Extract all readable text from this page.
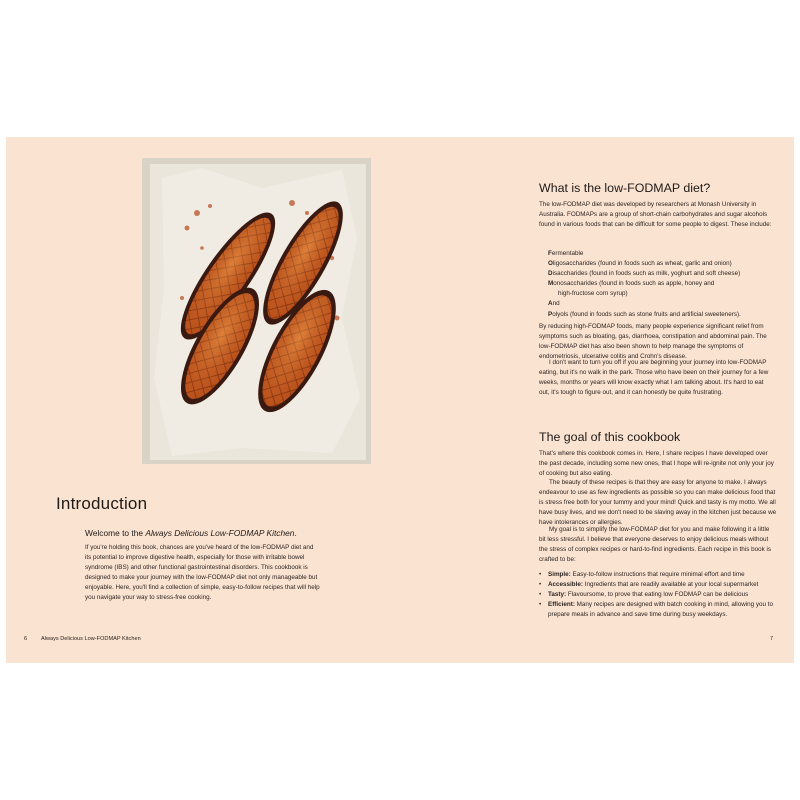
Introduction

Welcome to the Always Delicious Low-FODMAP Kitchen.

If you're holding this book, chances are you've heard of the low-FODMAP diet and its potential to improve digestive health, especially for those with irritable bowel syndrome (IBS) and other functional gastrointestinal disorders. This cookbook is designed to make your journey with the low-FODMAP diet not only manageable but enjoyable. Here, you'll find a collection of simple, easy-to-follow recipes that will help you navigate your way to stress-free cooking.

What is the low-FODMAP diet?

The low-FODMAP diet was developed by researchers at Monash University in Australia. FODMAPs are a group of short-chain carbohydrates and sugar alcohols found in various foods that can be difficult for some people to digest. These include:

Fermentable
Oligosaccharides (found in foods such as wheat, garlic and onion)
Disaccharides (found in foods such as milk, yoghurt and soft cheese)
Monosaccharides (found in foods such as apple, honey and
high-fructose corn syrup)
And
Polyols (found in foods such as stone fruits and artificial sweeteners).

By reducing high-FODMAP foods, many people experience significant relief from symptoms such as bloating, gas, diarrhoea, constipation and abdominal pain. The low-FODMAP diet has also been shown to help manage the symptoms of endometriosis, ulcerative colitis and Crohn's disease.

I don't want to turn you off if you are beginning your journey into low-FODMAP eating, but it's no walk in the park. Those who have been on their journey for a few weeks, months or years will know exactly what I am talking about. It's hard to eat out, it's tough to figure out, and it can honestly be quite frustrating.

The goal of this cookbook

That's where this cookbook comes in. Here, I share recipes I have developed over the past decade, including some new ones, that I hope will re-ignite not only your joy of cooking but also eating.

The beauty of these recipes is that they are easy for anyone to make. I always endeavour to use as few ingredients as possible so you can make delicious food that is stress free both for your tummy and your mind! Quick and tasty is my motto. We all have busy lives, and we don't need to be slaving away in the kitchen just because we have intolerances or allergies.

My goal is to simplify the low-FODMAP diet for you and make following it a little bit less stressful. I believe that everyone deserves to enjoy delicious meals without the stress of complex recipes or hard-to-find ingredients. Each recipe in this book is crafted to be:

• Simple: Easy-to-follow instructions that require minimal effort and time
• Accessible: Ingredients that are readily available at your local supermarket
• Tasty: Flavoursome, to prove that eating low FODMAP can be delicious
• Efficient: Many recipes are designed with batch cooking in mind, allowing you to prepare meals in advance and save time during busy weekdays.
6 Always Delicious Low-FODMAP Kitchen	7
